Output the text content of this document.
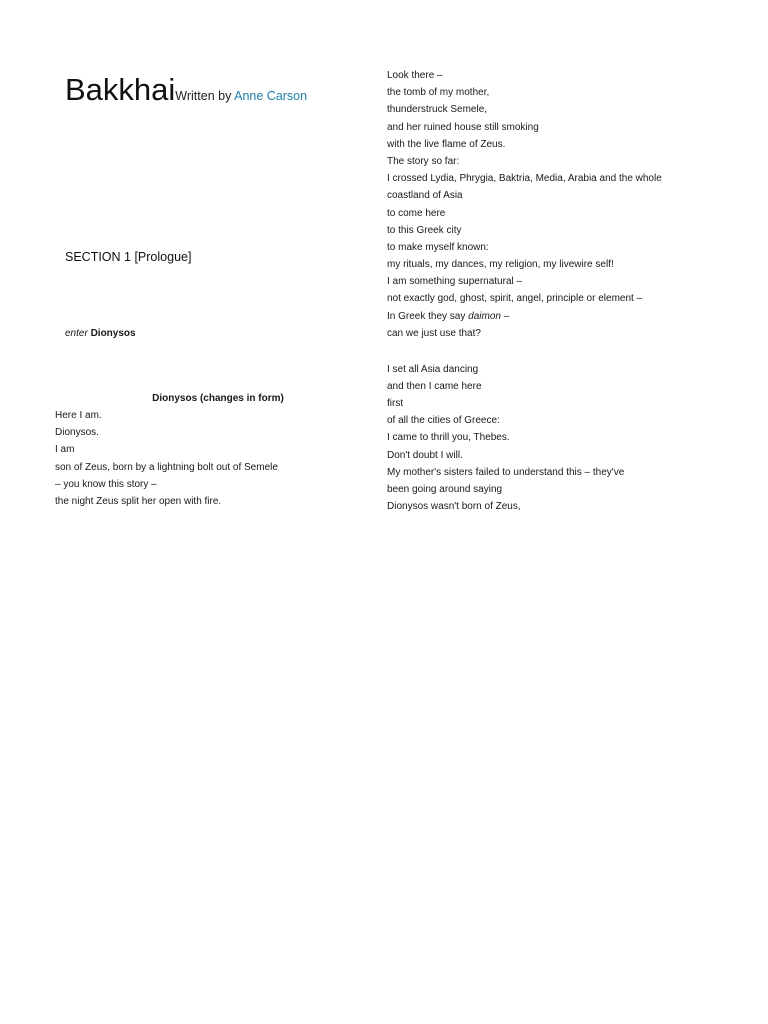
Bakkhai Written by Anne Carson
SECTION 1 [Prologue]
enter Dionysos
Dionysos (changes in form)
Here I am.
Dionysos.
I am
son of Zeus, born by a lightning bolt out of Semele
– you know this story –
the night Zeus split her open with fire.
Look there –
the tomb of my mother,
thunderstruck Semele,
and her ruined house still smoking
with the live flame of Zeus.
The story so far:
I crossed Lydia, Phrygia, Baktria, Media, Arabia and the whole
coastland of Asia
to come here
to this Greek city
to make myself known:
my rituals, my dances, my religion, my livewire self!
I am something supernatural –
not exactly god, ghost, spirit, angel, principle or element –
In Greek they say daimon –
can we just use that?
I set all Asia dancing
and then I came here
first
of all the cities of Greece:
I came to thrill you, Thebes.
Don't doubt I will.
My mother's sisters failed to understand this – they've
been going around saying
Dionysos wasn't born of Zeus,
